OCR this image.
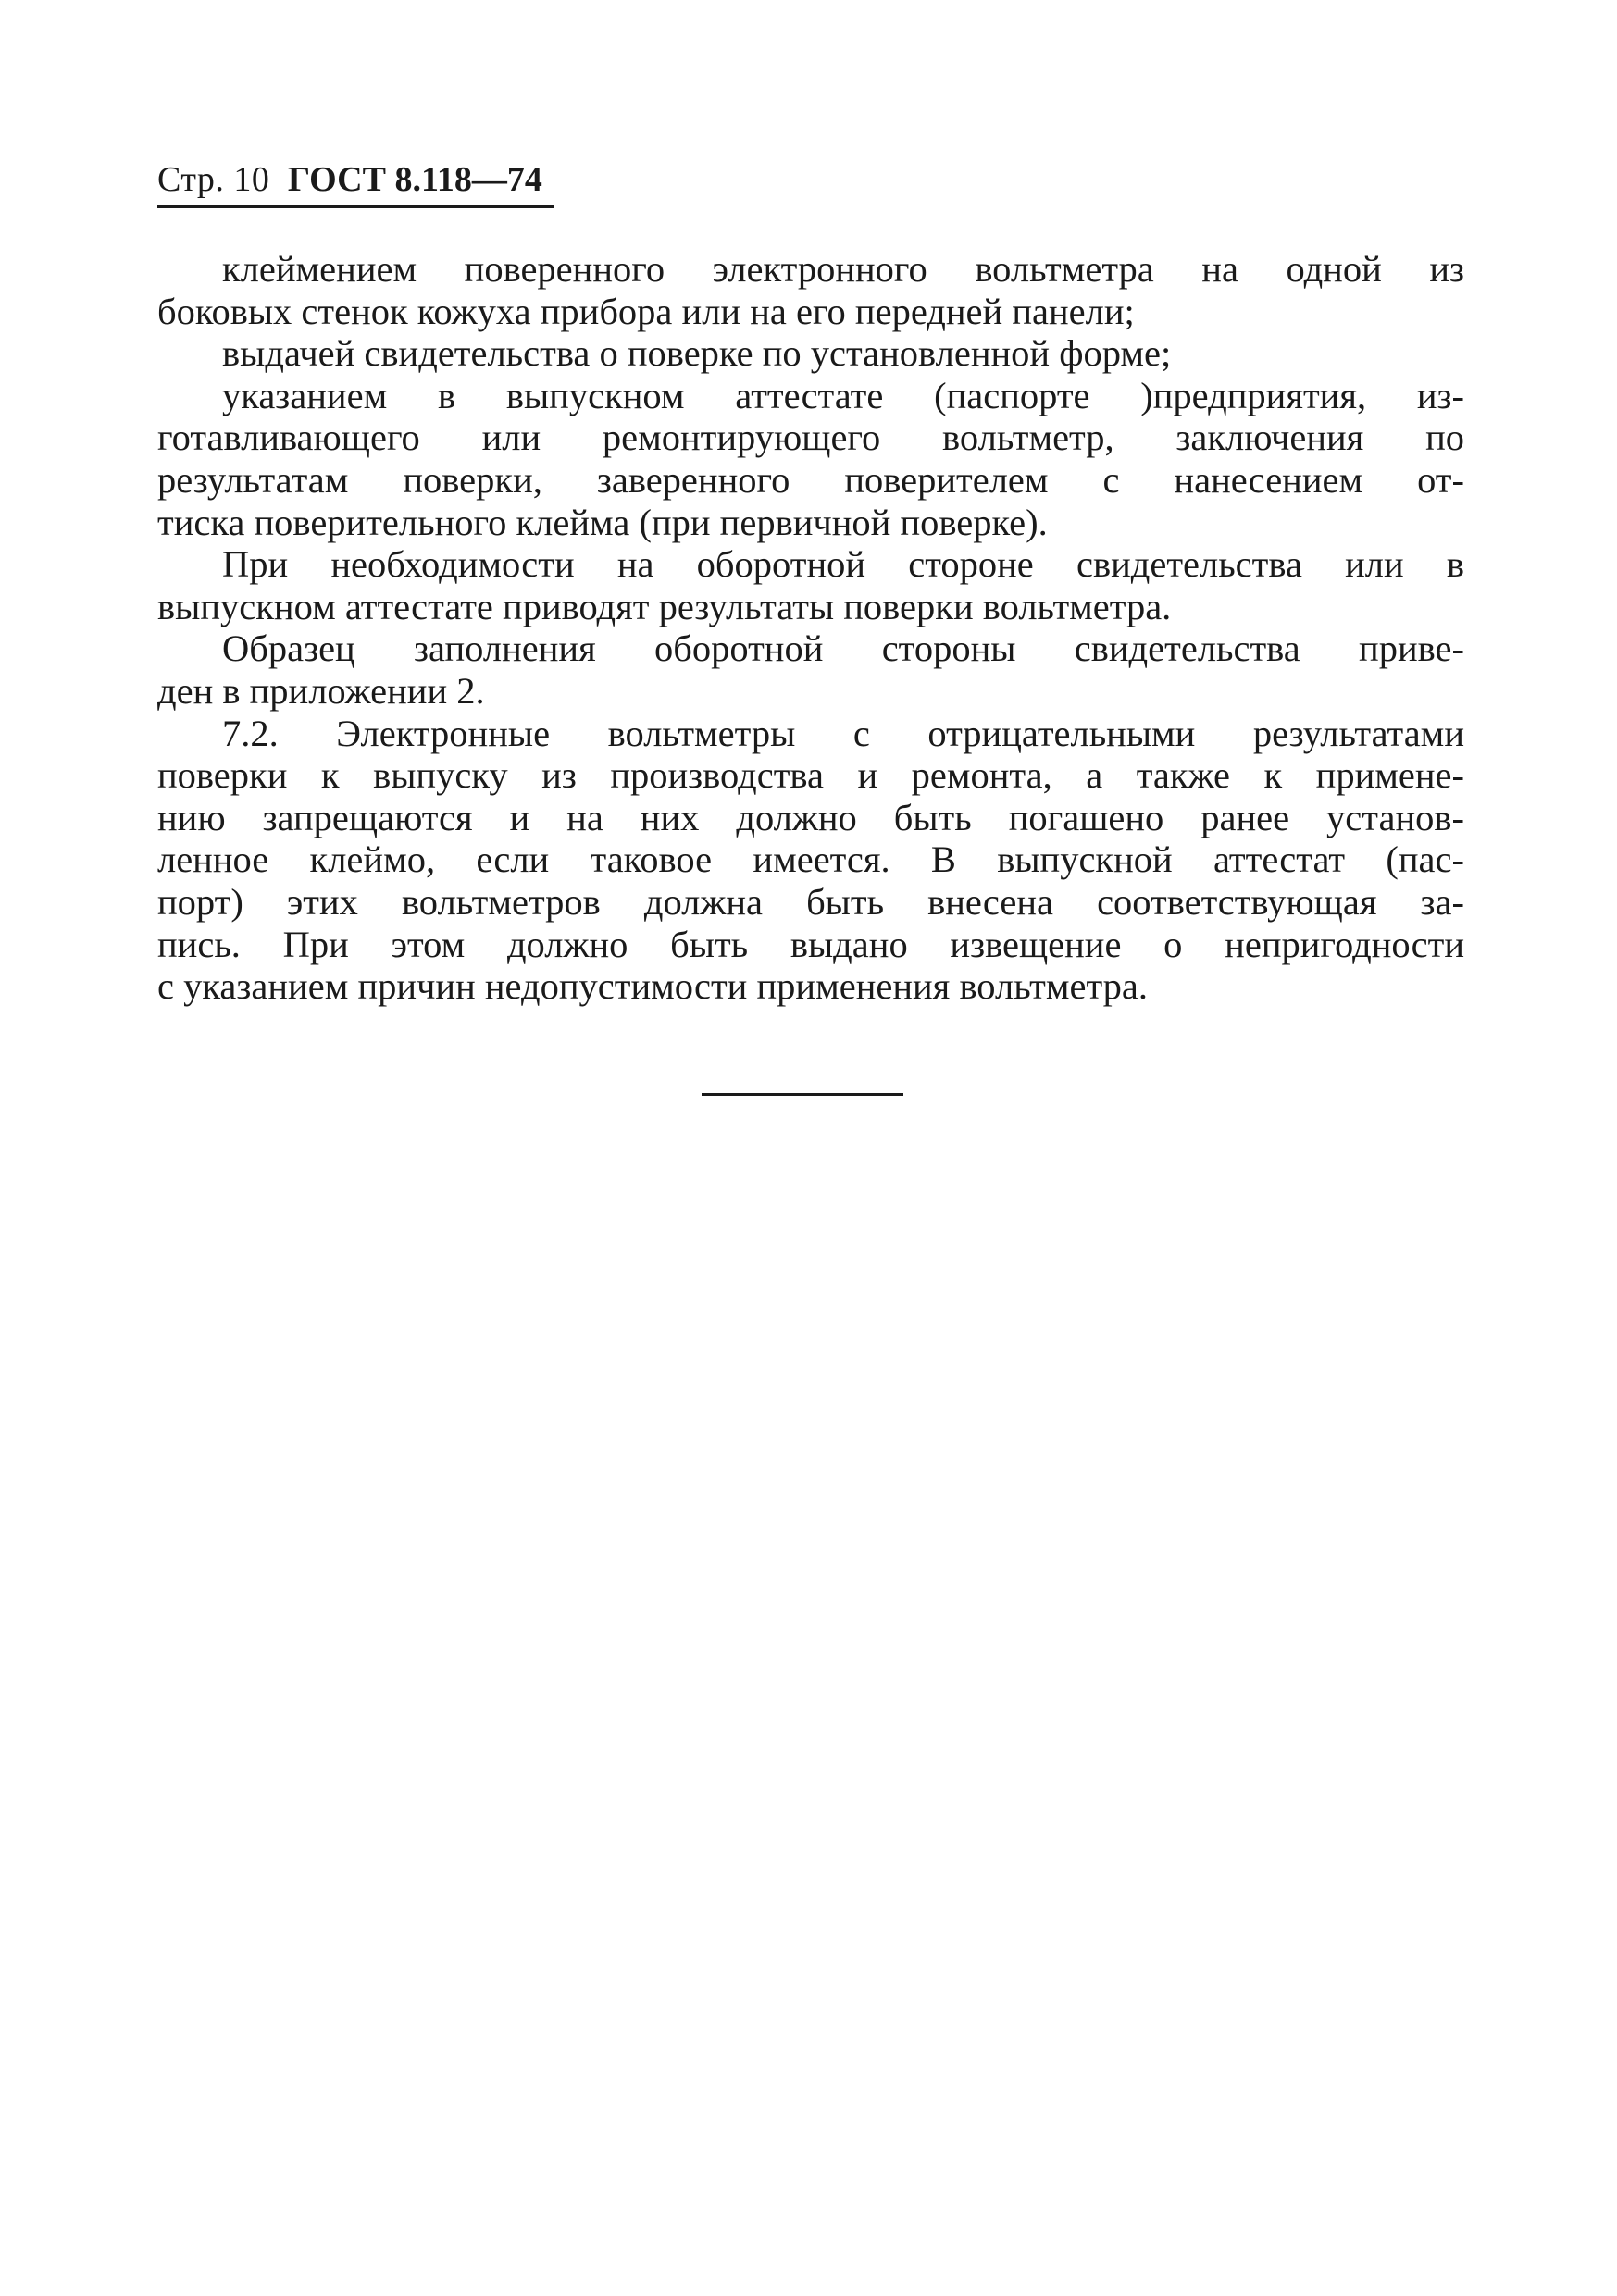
Стр. 10 ГОСТ 8.118—74
клеймением поверенного электронного вольтметра на одной из
боковых стенок кожуха прибора или на его передней панели;
выдачей свидетельства о поверке по установленной форме;
указанием в выпускном аттестате (паспорте )предприятия, из-
готавливающего или ремонтирующего вольтметр, заключения по
результатам поверки, заверенного поверителем с нанесением от-
тиска поверительного клейма (при первичной поверке).
При необходимости на оборотной стороне свидетельства или в
выпускном аттестате приводят результаты поверки вольтметра.
Образец заполнения оборотной стороны свидетельства приве-
ден в приложении 2.
7.2. Электронные вольтметры с отрицательными результатами
поверки к выпуску из производства и ремонта, а также к примене-
нию запрещаются и на них должно быть погашено ранее установ-
ленное клеймо, если таковое имеется. В выпускной аттестат (пас-
порт) этих вольтметров должна быть внесена соответствующая за-
пись. При этом должно быть выдано извещение о непригодности
с указанием причин недопустимости применения вольтметра.
